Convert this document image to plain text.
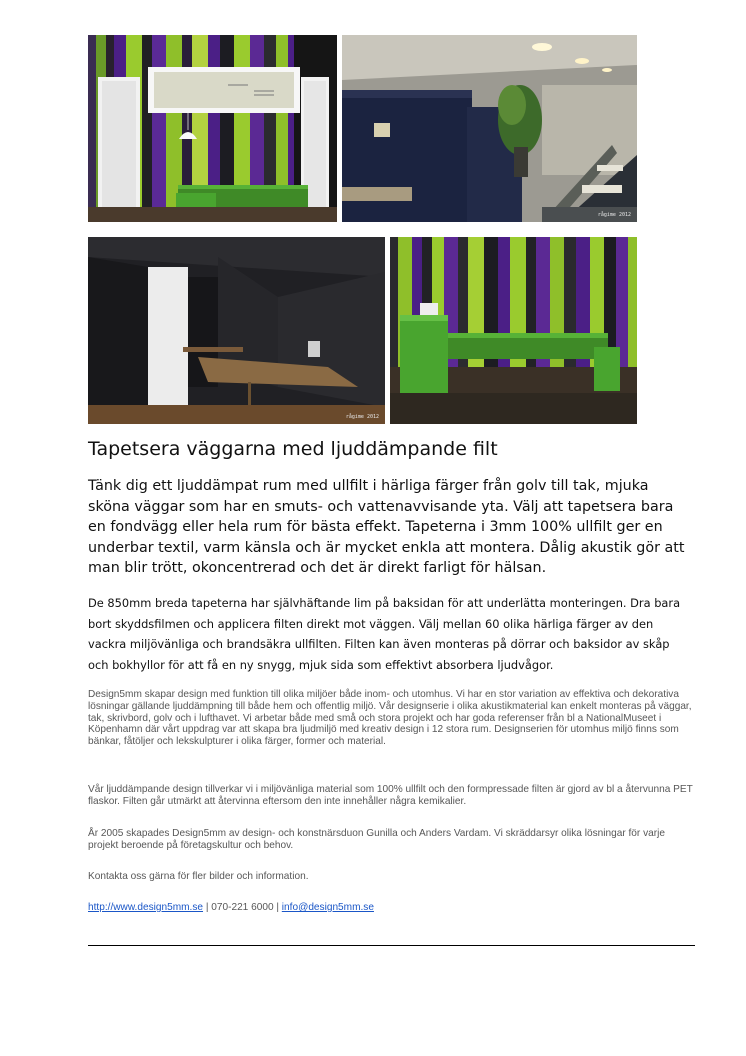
rågime 2012
rågime 2012
Tapetsera väggarna med ljuddämpande filt

Tänk dig ett ljuddämpat rum med ullfilt i härliga färger från golv till tak, mjuka sköna väggar som har en smuts‐ och vattenavvisande yta. Välj att tapetsera bara en fondvägg eller hela rum för bästa effekt. Tapeterna i 3mm 100% ullfilt ger en underbar textil, varm känsla och är mycket enkla att montera. Dålig akustik gör att man blir trött, okoncentrerad och det är direkt farligt för hälsan.

De 850mm breda tapeterna har självhäftande lim på baksidan för att underlätta monteringen. Dra bara bort skyddsfilmen och applicera filten direkt mot väggen. Välj mellan 60 olika härliga färger av den vackra miljövänliga och brandsäkra ullfilten. Filten kan även monteras på dörrar och baksidor av skåp och bokhyllor för att få en ny snygg, mjuk sida som effektivt absorbera ljudvågor.

Design5mm skapar design med funktion till olika miljöer både inom- och utomhus. Vi har en stor variation av effektiva och dekorativa lösningar gällande ljuddämpning till både hem och offentlig miljö. Vår designserie i olika akustikmaterial kan enkelt monteras på väggar, tak, skrivbord, golv och i lufthavet. Vi arbetar både med små och stora projekt och har goda referenser från bl a NationalMuseet i Köpenhamn där vårt uppdrag var att skapa bra ljudmiljö med kreativ design i 12 stora rum. Designserien för utomhus miljö finns som bänkar, fåtöljer och lekskulpturer i olika färger, former och material.

Vår ljuddämpande design tillverkar vi i miljövänliga material som 100% ullfilt och den formpressade filten är gjord av bl a återvunna PET flaskor. Filten går utmärkt att återvinna eftersom den inte innehåller några kemikalier.

År 2005 skapades Design5mm av design- och konstnärsduon Gunilla och Anders Vardam. Vi skräddarsyr olika lösningar för varje projekt beroende på företagskultur och behov.

Kontakta oss gärna för fler bilder och information.

http://www.design5mm.se | 070-221 6000 | info@design5mm.se
